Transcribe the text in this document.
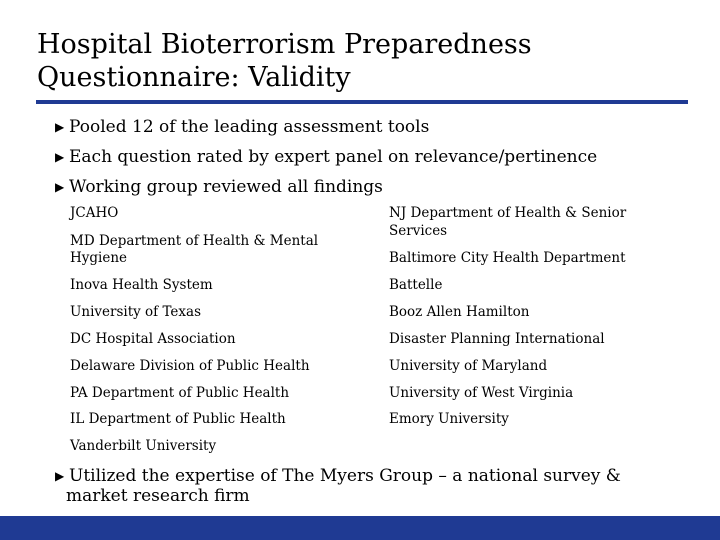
Hospital Bioterrorism Preparedness
Questionnaire: Validity
▶ Pooled 12 of the leading assessment tools
▶ Each question rated by expert panel on relevance/pertinence
▶ Working group reviewed all findings
JCAHO
MD Department of Health & Mental
Hygiene
Inova Health System
University of Texas
DC Hospital Association
Delaware Division of Public Health
PA Department of Public Health
IL Department of Public Health
Vanderbilt University
NJ Department of Health & Senior
Services
Baltimore City Health Department
Battelle
Booz Allen Hamilton
Disaster Planning International
University of Maryland
University of West Virginia
Emory University
▶ Utilized the expertise of The Myers Group – a national survey &
market research firm
